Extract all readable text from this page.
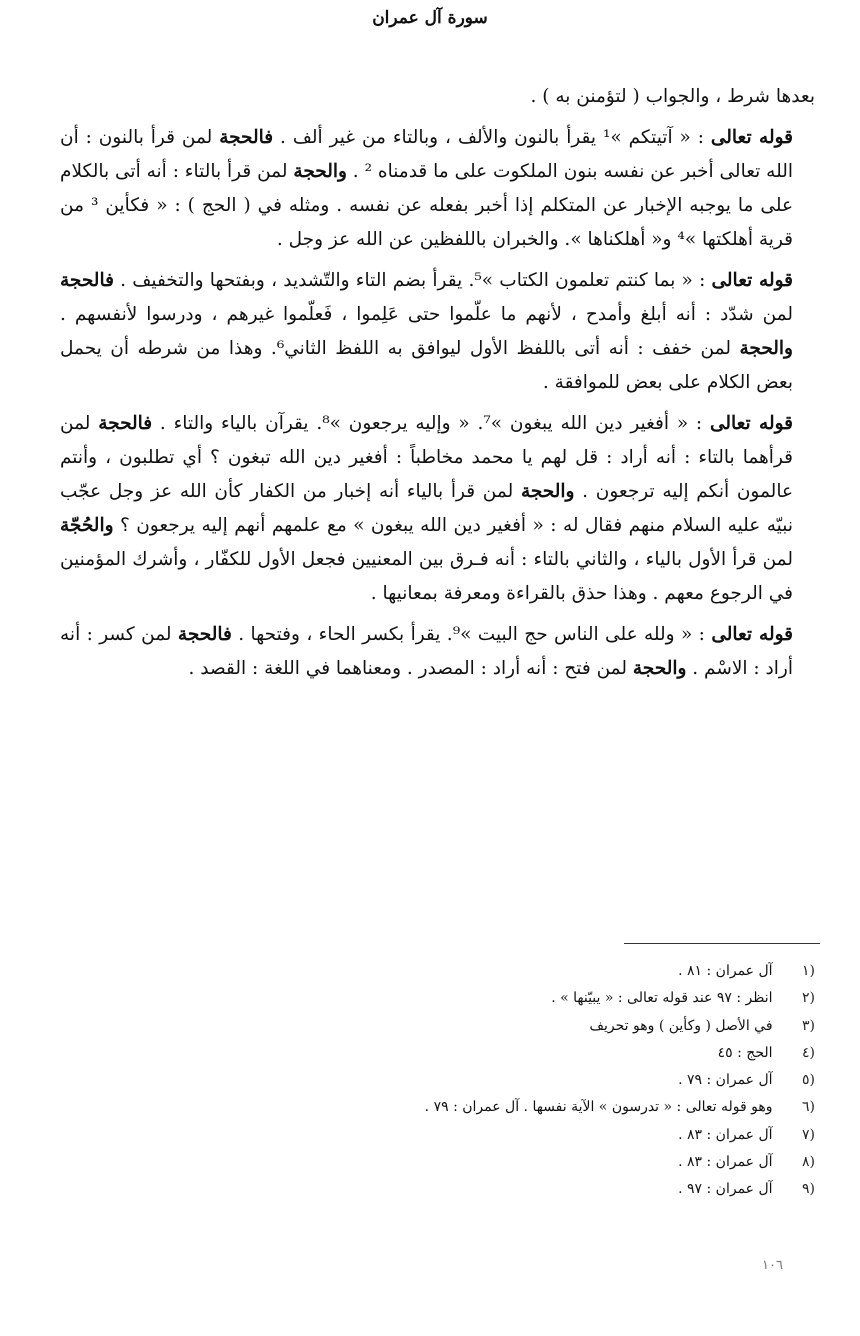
سورة آل عمران

بعدها شرط ، والجواب ( لتؤمنن به ) .

قوله تعالى : « آتيتكم »¹ يقرأ بالنون والألف ، وبالتاء من غير ألف . فالحجة لمن قرأ بالنون : أن الله تعالى أخبر عن نفسه بنون الملكوت على ما قدمناه ² . والحجة لمن قرأ بالتاء : أنه أتى بالكلام على ما يوجبه الإخبار عن المتكلم إذا أخبر بفعله عن نفسه . ومثله في ( الحج ) : « فكأين ³ من قرية أهلكتها »⁴ و« أهلكناها ». والخبران باللفظين عن الله عز وجل .

قوله تعالى : « بما كنتم تعلمون الكتاب »⁵. يقرأ بضم التاء والتّشديد ، وبفتحها والتخفيف . فالحجة لمن شدّد : أنه أبلغ وأمدح ، لأنهم ما علّموا حتى عَلِموا ، فَعلّموا غيرهم ، ودرسوا لأنفسهم . والحجة لمن خفف : أنه أتى باللفظ الأول ليوافق به اللفظ الثاني⁶. وهذا من شرطه أن يحمل بعض الكلام على بعض للموافقة .

قوله تعالى : « أفغير دين الله يبغون »⁷. « وإليه يرجعون »⁸. يقرآن بالياء والتاء . فالحجة لمن قرأهما بالتاء : أنه أراد : قل لهم يا محمد مخاطباً : أفغير دين الله تبغون ؟ أي تطلبون ، وأنتم عالمون أنكم إليه ترجعون . والحجة لمن قرأ بالياء أنه إخبار من الكفار كأن الله عز وجل عجّب نبيّه عليه السلام منهم فقال له : « أفغير دين الله يبغون » مع علمهم أنهم إليه يرجعون ؟ والحُجّة لمن قرأ الأول بالياء ، والثاني بالتاء : أنه فـرق بين المعنيين فجعل الأول للكفّار ، وأشرك المؤمنين في الرجوع معهم . وهذا حذق بالقراءة ومعرفة بمعانيها .

قوله تعالى : « ولله على الناس حج البيت »⁹. يقرأ بكسر الحاء ، وفتحها . فالحجة لمن كسر : أنه أراد : الاسْم . والحجة لمن فتح : أنه أراد : المصدر . ومعناهما في اللغة : القصد .

(١ آل عمران : ٨١ .
(٢ انظر : ٩٧ عند قوله تعالى : « يبيّنها » .
(٣ في الأصل ( وكأين ) وهو تحريف
(٤ الحج : ٤٥
(٥ آل عمران : ٧٩ .
(٦ وهو قوله تعالى : « تدرسون » الآية نفسها . آل عمران : ٧٩ .
(٧ آل عمران : ٨٣ .
(٨ آل عمران : ٨٣ .
(٩ آل عمران : ٩٧ .
١٠٦
